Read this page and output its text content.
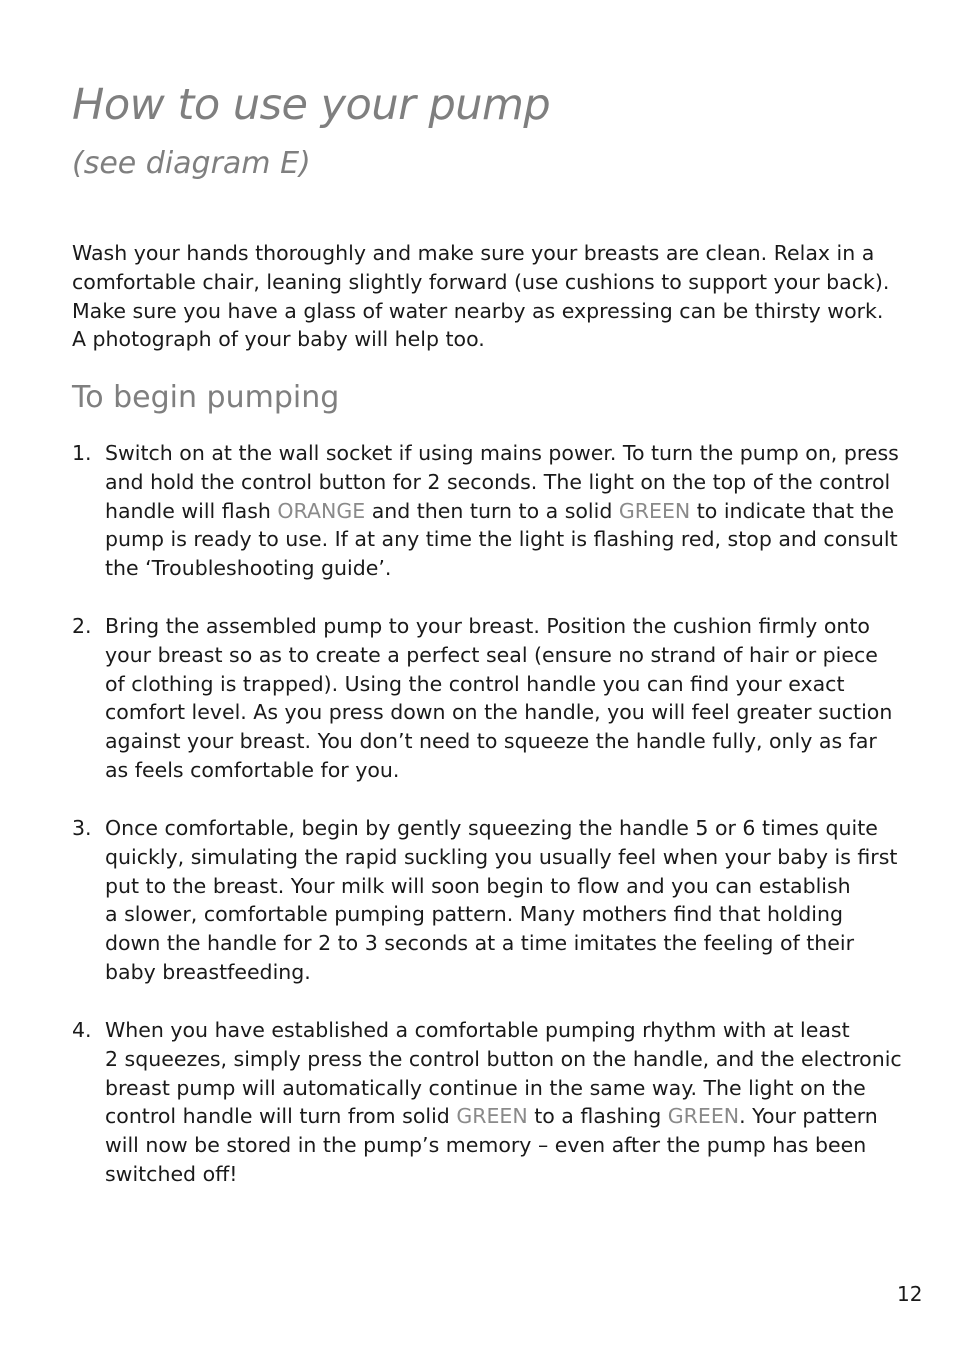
How to use your pump
(see diagram E)

Wash your hands thoroughly and make sure your breasts are clean. Relax in a
comfortable chair, leaning slightly forward (use cushions to support your back).
Make sure you have a glass of water nearby as expressing can be thirsty work.
A photograph of your baby will help too.

To begin pumping
1. Switch on at the wall socket if using mains power. To turn the pump on, press
and hold the control button for 2 seconds. The light on the top of the control
handle will flash ORANGE and then turn to a solid GREEN to indicate that the
pump is ready to use. If at any time the light is flashing red, stop and consult
the ‘Troubleshooting guide’.
2. Bring the assembled pump to your breast. Position the cushion firmly onto
your breast so as to create a perfect seal (ensure no strand of hair or piece
of clothing is trapped). Using the control handle you can find your exact
comfort level. As you press down on the handle, you will feel greater suction
against your breast. You don’t need to squeeze the handle fully, only as far
as feels comfortable for you.
3. Once comfortable, begin by gently squeezing the handle 5 or 6 times quite
quickly, simulating the rapid suckling you usually feel when your baby is first
put to the breast. Your milk will soon begin to flow and you can establish
a slower, comfortable pumping pattern. Many mothers find that holding
down the handle for 2 to 3 seconds at a time imitates the feeling of their
baby breastfeeding.
4. When you have established a comfortable pumping rhythm with at least
2 squeezes, simply press the control button on the handle, and the electronic
breast pump will automatically continue in the same way. The light on the
control handle will turn from solid GREEN to a flashing GREEN. Your pattern
will now be stored in the pump’s memory – even after the pump has been
switched off!

12
